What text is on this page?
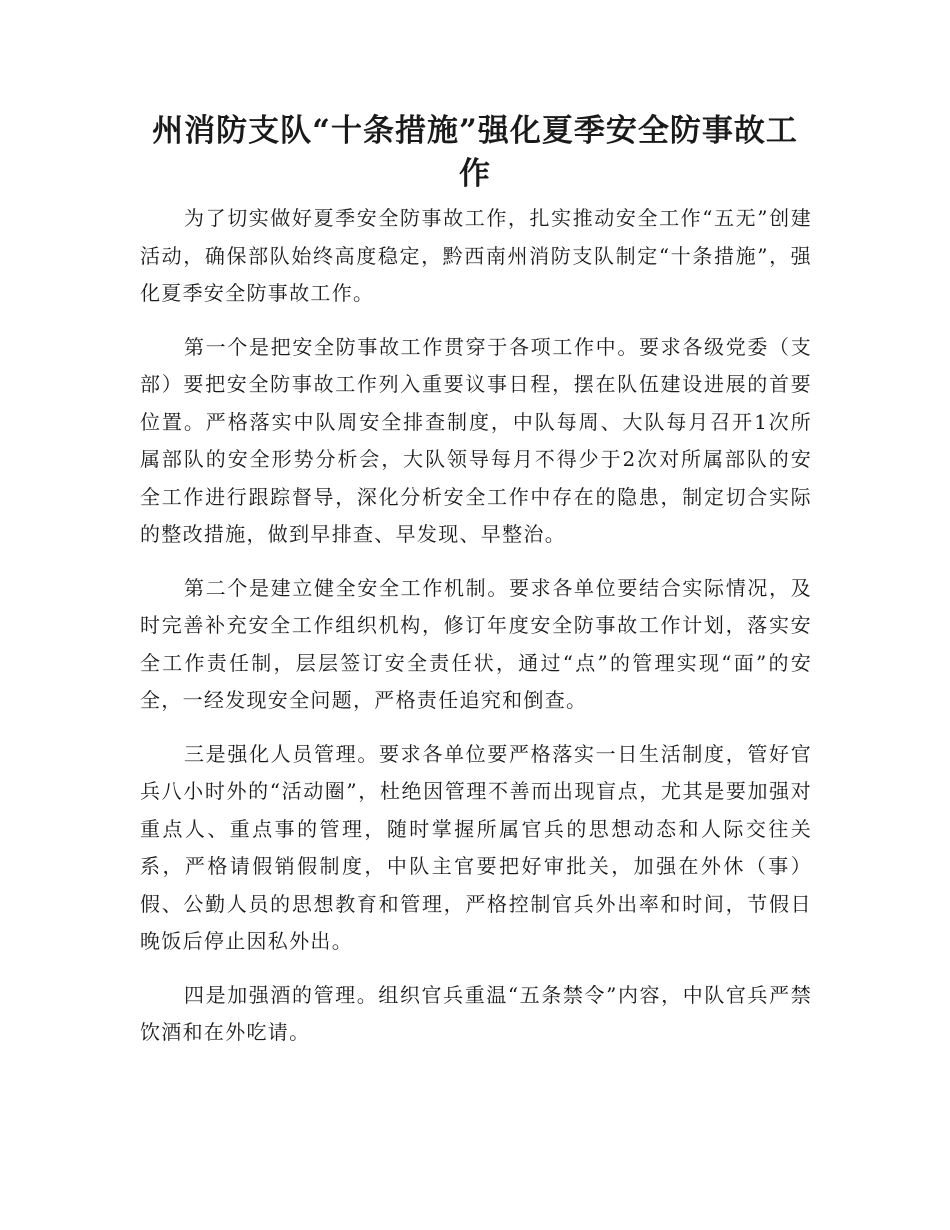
州消防支队“十条措施”强化夏季安全防事故工作

为了切实做好夏季安全防事故工作，扎实推动安全工作“五无”创建活动，确保部队始终高度稳定，黔西南州消防支队制定“十条措施”，强化夏季安全防事故工作。

第一个是把安全防事故工作贯穿于各项工作中。要求各级党委（支部）要把安全防事故工作列入重要议事日程，摆在队伍建设进展的首要位置。严格落实中队周安全排查制度，中队每周、大队每月召开1次所属部队的安全形势分析会，大队领导每月不得少于2次对所属部队的安全工作进行跟踪督导，深化分析安全工作中存在的隐患，制定切合实际的整改措施，做到早排查、早发现、早整治。

第二个是建立健全安全工作机制。要求各单位要结合实际情况，及时完善补充安全工作组织机构，修订年度安全防事故工作计划，落实安全工作责任制，层层签订安全责任状，通过“点”的管理实现“面”的安全，一经发现安全问题，严格责任追究和倒查。

三是强化人员管理。要求各单位要严格落实一日生活制度，管好官兵八小时外的“活动圈”，杜绝因管理不善而出现盲点，尤其是要加强对重点人、重点事的管理，随时掌握所属官兵的思想动态和人际交往关系，严格请假销假制度，中队主官要把好审批关，加强在外休（事）假、公勤人员的思想教育和管理，严格控制官兵外出率和时间，节假日晚饭后停止因私外出。

四是加强酒的管理。组织官兵重温“五条禁令”内容，中队官兵严禁饮酒和在外吃请。
